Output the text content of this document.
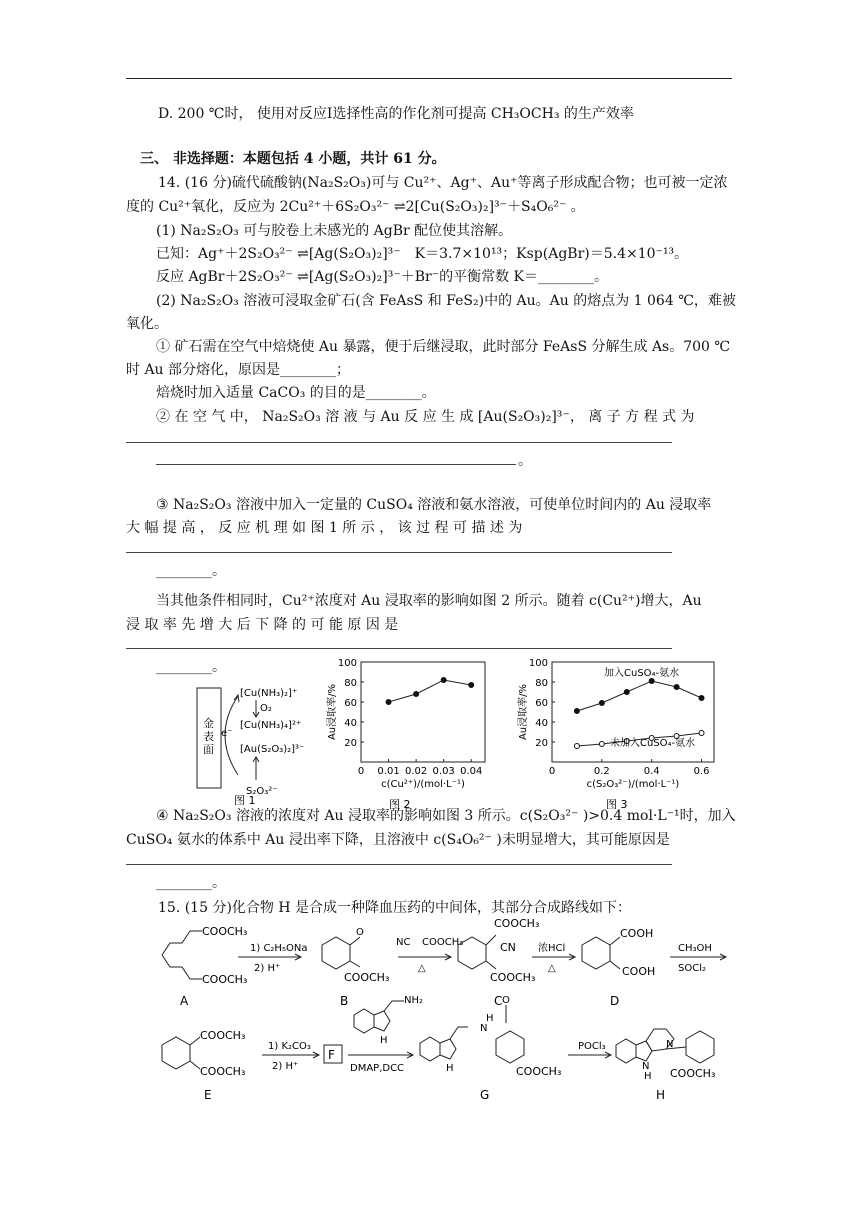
D. 200 ℃时， 使用对反应Ⅰ选择性高的作化剂可提高 CH₃OCH₃ 的生产效率
三、 非选择题：本题包括 4 小题，共计 61 分。
14. (16 分)硫代硫酸钠(Na₂S₂O₃)可与 Cu²⁺、Ag⁺、Au⁺等离子形成配合物；也可被一定浓
度的 Cu²⁺氧化，反应为 2Cu²⁺＋6S₂O₃²⁻ ⇌2[Cu(S₂O₃)₂]³⁻＋S₄O₆²⁻ 。
(1) Na₂S₂O₃ 可与胶卷上未感光的 AgBr 配位使其溶解。
已知：Ag⁺＋2S₂O₃²⁻ ⇌[Ag(S₂O₃)₂]³⁻　K＝3.7×10¹³；Ksp(AgBr)＝5.4×10⁻¹³。
反应 AgBr＋2S₂O₃²⁻ ⇌[Ag(S₂O₃)₂]³⁻＋Br⁻的平衡常数 K＝________。
(2) Na₂S₂O₃ 溶液可浸取金矿石(含 FeAsS 和 FeS₂)中的 Au。Au 的熔点为 1 064 ℃，难被
氧化。
① 矿石需在空气中焙烧使 Au 暴露，便于后继浸取，此时部分 FeAsS 分解生成 As。700 ℃
时 Au 部分熔化，原因是________；
焙烧时加入适量 CaCO₃ 的目的是________。
② 在 空 气 中， Na₂S₂O₃ 溶 液 与 Au 反 应 生 成 [Au(S₂O₃)₂]³⁻， 离 子 方 程 式 为
。
③ Na₂S₂O₃ 溶液中加入一定量的 CuSO₄ 溶液和氨水溶液，可使单位时间内的 Au 浸取率
大 幅 提 高 ， 反 应 机 理 如 图 1 所 示 ， 该 过 程 可 描 述 为
________。
当其他条件相同时，Cu²⁺浓度对 Au 浸取率的影响如图 2 所示。随着 c(Cu²⁺)增大，Au
浸 取 率 先 增 大 后 下 降 的 可 能 原 因 是
________。
金
表
面
e⁻
[Cu(NH₃)₂]⁺
O₂
[Cu(NH₃)₄]²⁺
[Au(S₂O₃)₂]³⁻
S₂O₃²⁻
图 1	图 2
20
40
60
80
100
0 0.01 0.02 0.03 0.04
Au浸取率/%
c(Cu²⁺)/(mol·L⁻¹)
图 3
20
40
60
80
100
0	0.2	0.4	0.6
Au浸取率/%
c(S₂O₃²⁻)/(mol·L⁻¹)
加入CuSO₄-氨水
未加入CuSO₄-氨水
④ Na₂S₂O₃ 溶液的浓度对 Au 浸取率的影响如图 3 所示。c(S₂O₃²⁻ )>0.4 mol·L⁻¹时，加入
CuSO₄ 氨水的体系中 Au 浸出率下降，且溶液中 c(S₄O₆²⁻ )未明显增大，其可能原因是
________。
15. (15 分)化合物 H 是合成一种降血压药的中间体，其部分合成路线如下：
COOCH₃
COOCH₃
A
1) C₂H₅ONa
2) H⁺
O
COOCH₃
B
NC COOCH₃
△
COOCH₃
CN
COOCH₃
C
浓HCl
△
COOH
COOH
D
CH₃OH
SOCl₂
COOCH₃
COOCH₃
E
1) K₂CO₃
2) H⁺
F
NH₂
H
DMAP,DCC
H
N
O
H	COOCH₃
G
POCl₃	N
N
H COOCH₃
H
